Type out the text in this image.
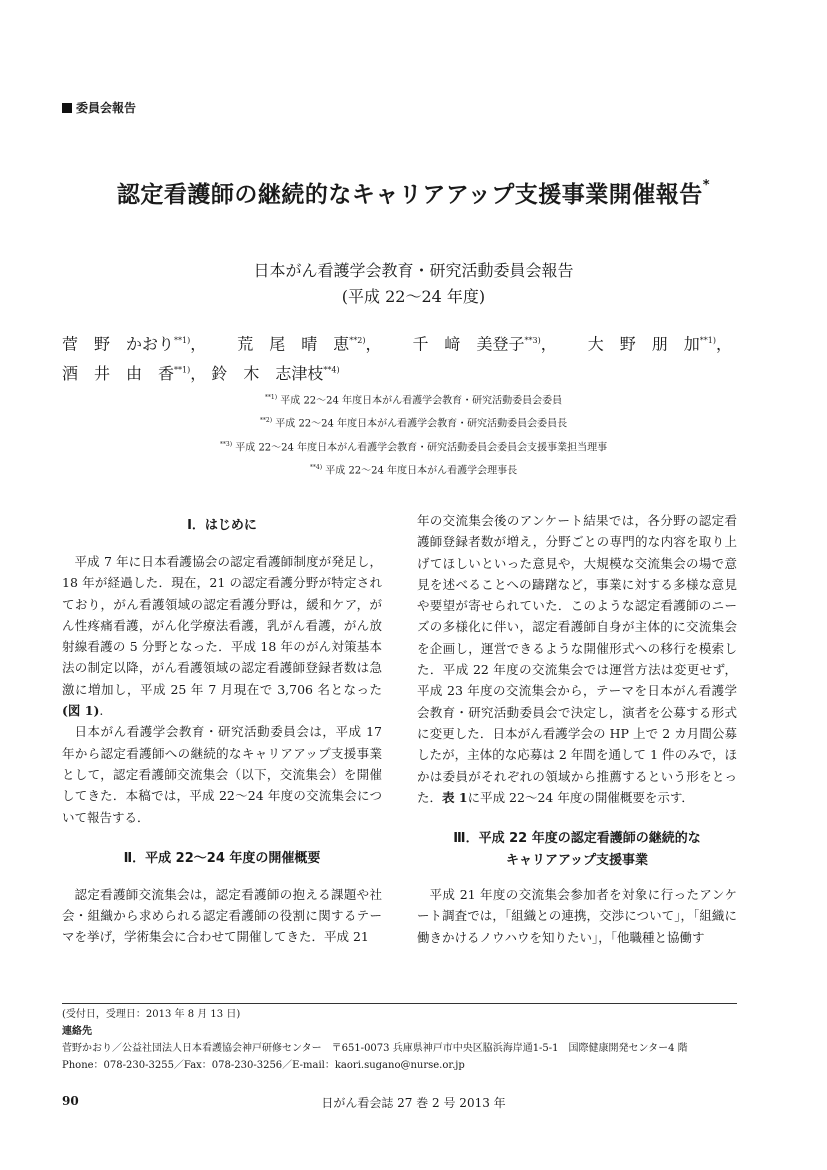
委員会報告
認定看護師の継続的なキャリアアップ支援事業開催報告*
日本がん看護学会教育・研究活動委員会報告
(平成 22〜24 年度)
菅　野　かおり$^{**1)}$， 荒　尾　晴　恵$^{**2)}$， 千　﨑　美登子$^{**3)}$， 大　野　朋　加$^{**1)}$，
酒　井　由　香$^{**1)}$， 鈴　木　志津枝$^{**4)}$
$^{**1)}$ 平成 22〜24 年度日本がん看護学会教育・研究活動委員会委員
$^{**2)}$ 平成 22〜24 年度日本がん看護学会教育・研究活動委員会委員長
$^{**3)}$ 平成 22〜24 年度日本がん看護学会教育・研究活動委員会委員会支援事業担当理事
$^{**4)}$ 平成 22〜24 年度日本がん看護学会理事長
Ⅰ．はじめに

平成 7 年に日本看護協会の認定看護師制度が発足し，18 年が経過した．現在，21 の認定看護分野が特定されており，がん看護領域の認定看護分野は，緩和ケア，がん性疼痛看護，がん化学療法看護，乳がん看護，がん放射線看護の 5 分野となった．平成 18 年のがん対策基本法の制定以降，がん看護領域の認定看護師登録者数は急激に増加し，平成 25 年 7 月現在で 3,706 名となった(図 1).

日本がん看護学会教育・研究活動委員会は，平成 17 年から認定看護師への継続的なキャリアアップ支援事業として，認定看護師交流集会（以下，交流集会）を開催してきた．本稿では，平成 22〜24 年度の交流集会について報告する．

Ⅱ．平成 22〜24 年度の開催概要

認定看護師交流集会は，認定看護師の抱える課題や社会・組織から求められる認定看護師の役割に関するテーマを挙げ，学術集会に合わせて開催してきた．平成 21

年の交流集会後のアンケート結果では，各分野の認定看護師登録者数が増え，分野ごとの専門的な内容を取り上げてほしいといった意見や，大規模な交流集会の場で意見を述べることへの躊躇など，事業に対する多様な意見や要望が寄せられていた．このような認定看護師のニーズの多様化に伴い，認定看護師自身が主体的に交流集会を企画し，運営できるような開催形式への移行を模索した．平成 22 年度の交流集会では運営方法は変更せず，平成 23 年度の交流集会から，テーマを日本がん看護学会教育・研究活動委員会で決定し，演者を公募する形式に変更した．日本がん看護学会の HP 上で 2 カ月間公募したが，主体的な応募は 2 年間を通して 1 件のみで，ほかは委員がそれぞれの領域から推薦するという形をとった．表 1に平成 22〜24 年度の開催概要を示す．

Ⅲ．平成 22 年度の認定看護師の継続的な
キャリアアップ支援事業

平成 21 年度の交流集会参加者を対象に行ったアンケート調査では，「組織との連携，交渉について」，「組織に働きかけるノウハウを知りたい」，「他職種と協働す

(受付日，受理日：2013 年 8 月 13 日)
連絡先
菅野かおり／公益社団法人日本看護協会神戸研修センター　〒651-0073 兵庫県神戸市中央区脇浜海岸通1-5-1　国際健康開発センター4 階
Phone：078-230-3255／Fax：078-230-3256／E-mail：kaori.sugano@nurse.or.jp
90	日がん看会誌 27 巻 2 号 2013 年
